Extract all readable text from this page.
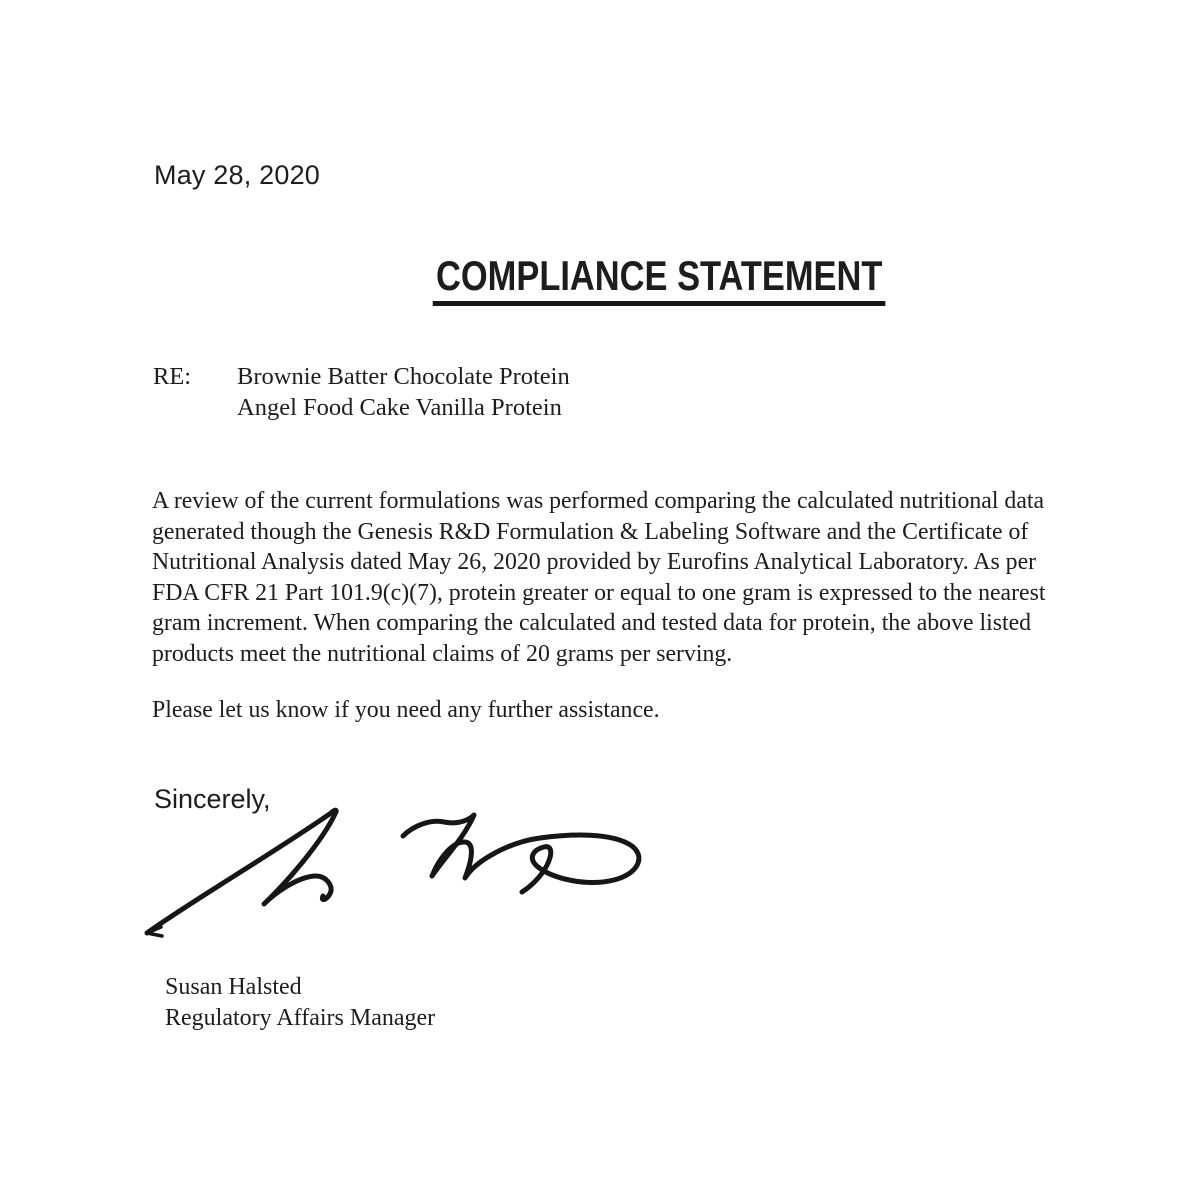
May 28, 2020
COMPLIANCE STATEMENT
RE:	Brownie Batter Chocolate Protein
Angel Food Cake Vanilla Protein
A review of the current formulations was performed comparing the calculated nutritional data
generated though the Genesis R&D Formulation & Labeling Software and the Certificate of
Nutritional Analysis dated May 26, 2020 provided by Eurofins Analytical Laboratory. As per
FDA CFR 21 Part 101.9(c)(7), protein greater or equal to one gram is expressed to the nearest
gram increment. When comparing the calculated and tested data for protein, the above listed
products meet the nutritional claims of 20 grams per serving.
Please let us know if you need any further assistance.
Sincerely,
Susan Halsted
Regulatory Affairs Manager
